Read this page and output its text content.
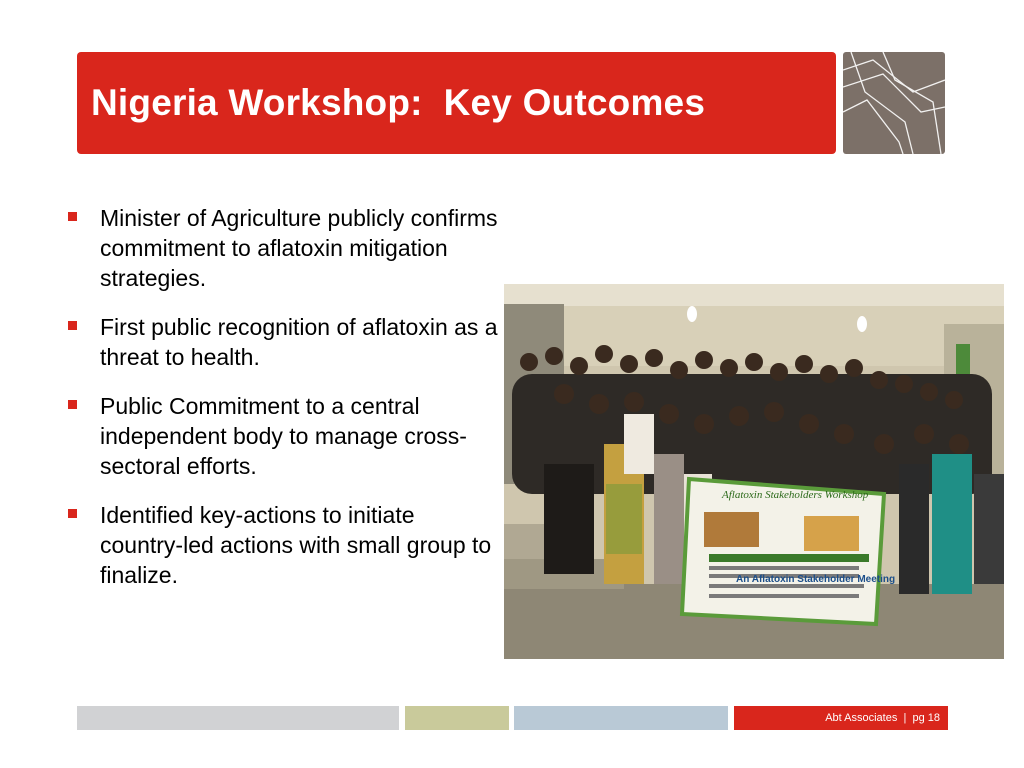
Nigeria Workshop:  Key Outcomes
Minister of Agriculture publicly confirms commitment to aflatoxin mitigation strategies.
First public recognition of aflatoxin as a threat to health.
Public Commitment to a central independent body to manage cross-sectoral efforts.
Identified key-actions to initiate country-led actions with small group to finalize.
Aflatoxin Stakeholders Workshop
An Aflatoxin Stakeholder Meeting
Abt Associates | pg 18
